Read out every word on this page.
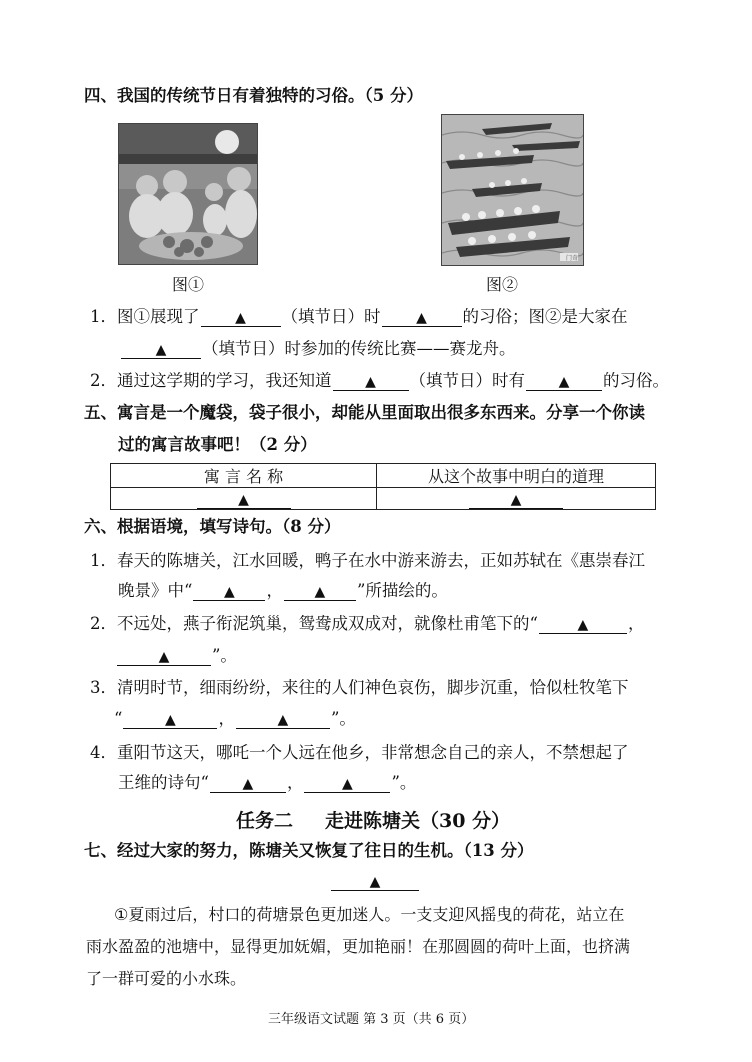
四、我国的传统节日有着独特的习俗。（5 分）
图①
门奇
图②
1．图①展现了	▲ （填节日）时	▲ 的习俗；图②是大家在
▲ （填节日）时参加的传统比赛——赛龙舟。
2．通过这学期的学习，我还知道 ▲ （填节日）时有 ▲ 的习俗。
五、寓言是一个魔袋，袋子很小，却能从里面取出很多东西来。分享一个你读
过的寓言故事吧！（2 分）
寓 言 名 称	从这个故事中明白的道理
▲	▲
六、根据语境，填写诗句。（8 分）
1．春天的陈塘关，江水回暖，鸭子在水中游来游去，正如苏轼在《惠崇春江
晚景》中“ ▲ ， ▲ ”所描绘的。
2．不远处，燕子衔泥筑巢，鸳鸯成双成对，就像杜甫笔下的“	▲ ，
▲	”。
3．清明时节，细雨纷纷，来往的人们神色哀伤，脚步沉重，恰似杜牧笔下
“	▲	，	▲	”。
4．重阳节这天，哪吒一个人远在他乡，非常想念自己的亲人，不禁想起了
王维的诗句“ ▲ ，	▲ ”。
任务二 走进陈塘关（30 分）
七、经过大家的努力，陈塘关又恢复了往日的生机。（13 分）
▲
①夏雨过后，村口的荷塘景色更加迷人。一支支迎风摇曳的荷花，站立在
雨水盈盈的池塘中，显得更加妩媚，更加艳丽！在那圆圆的荷叶上面，也挤满
了一群可爱的小水珠。
三年级语文试题 第 3 页（共 6 页）
